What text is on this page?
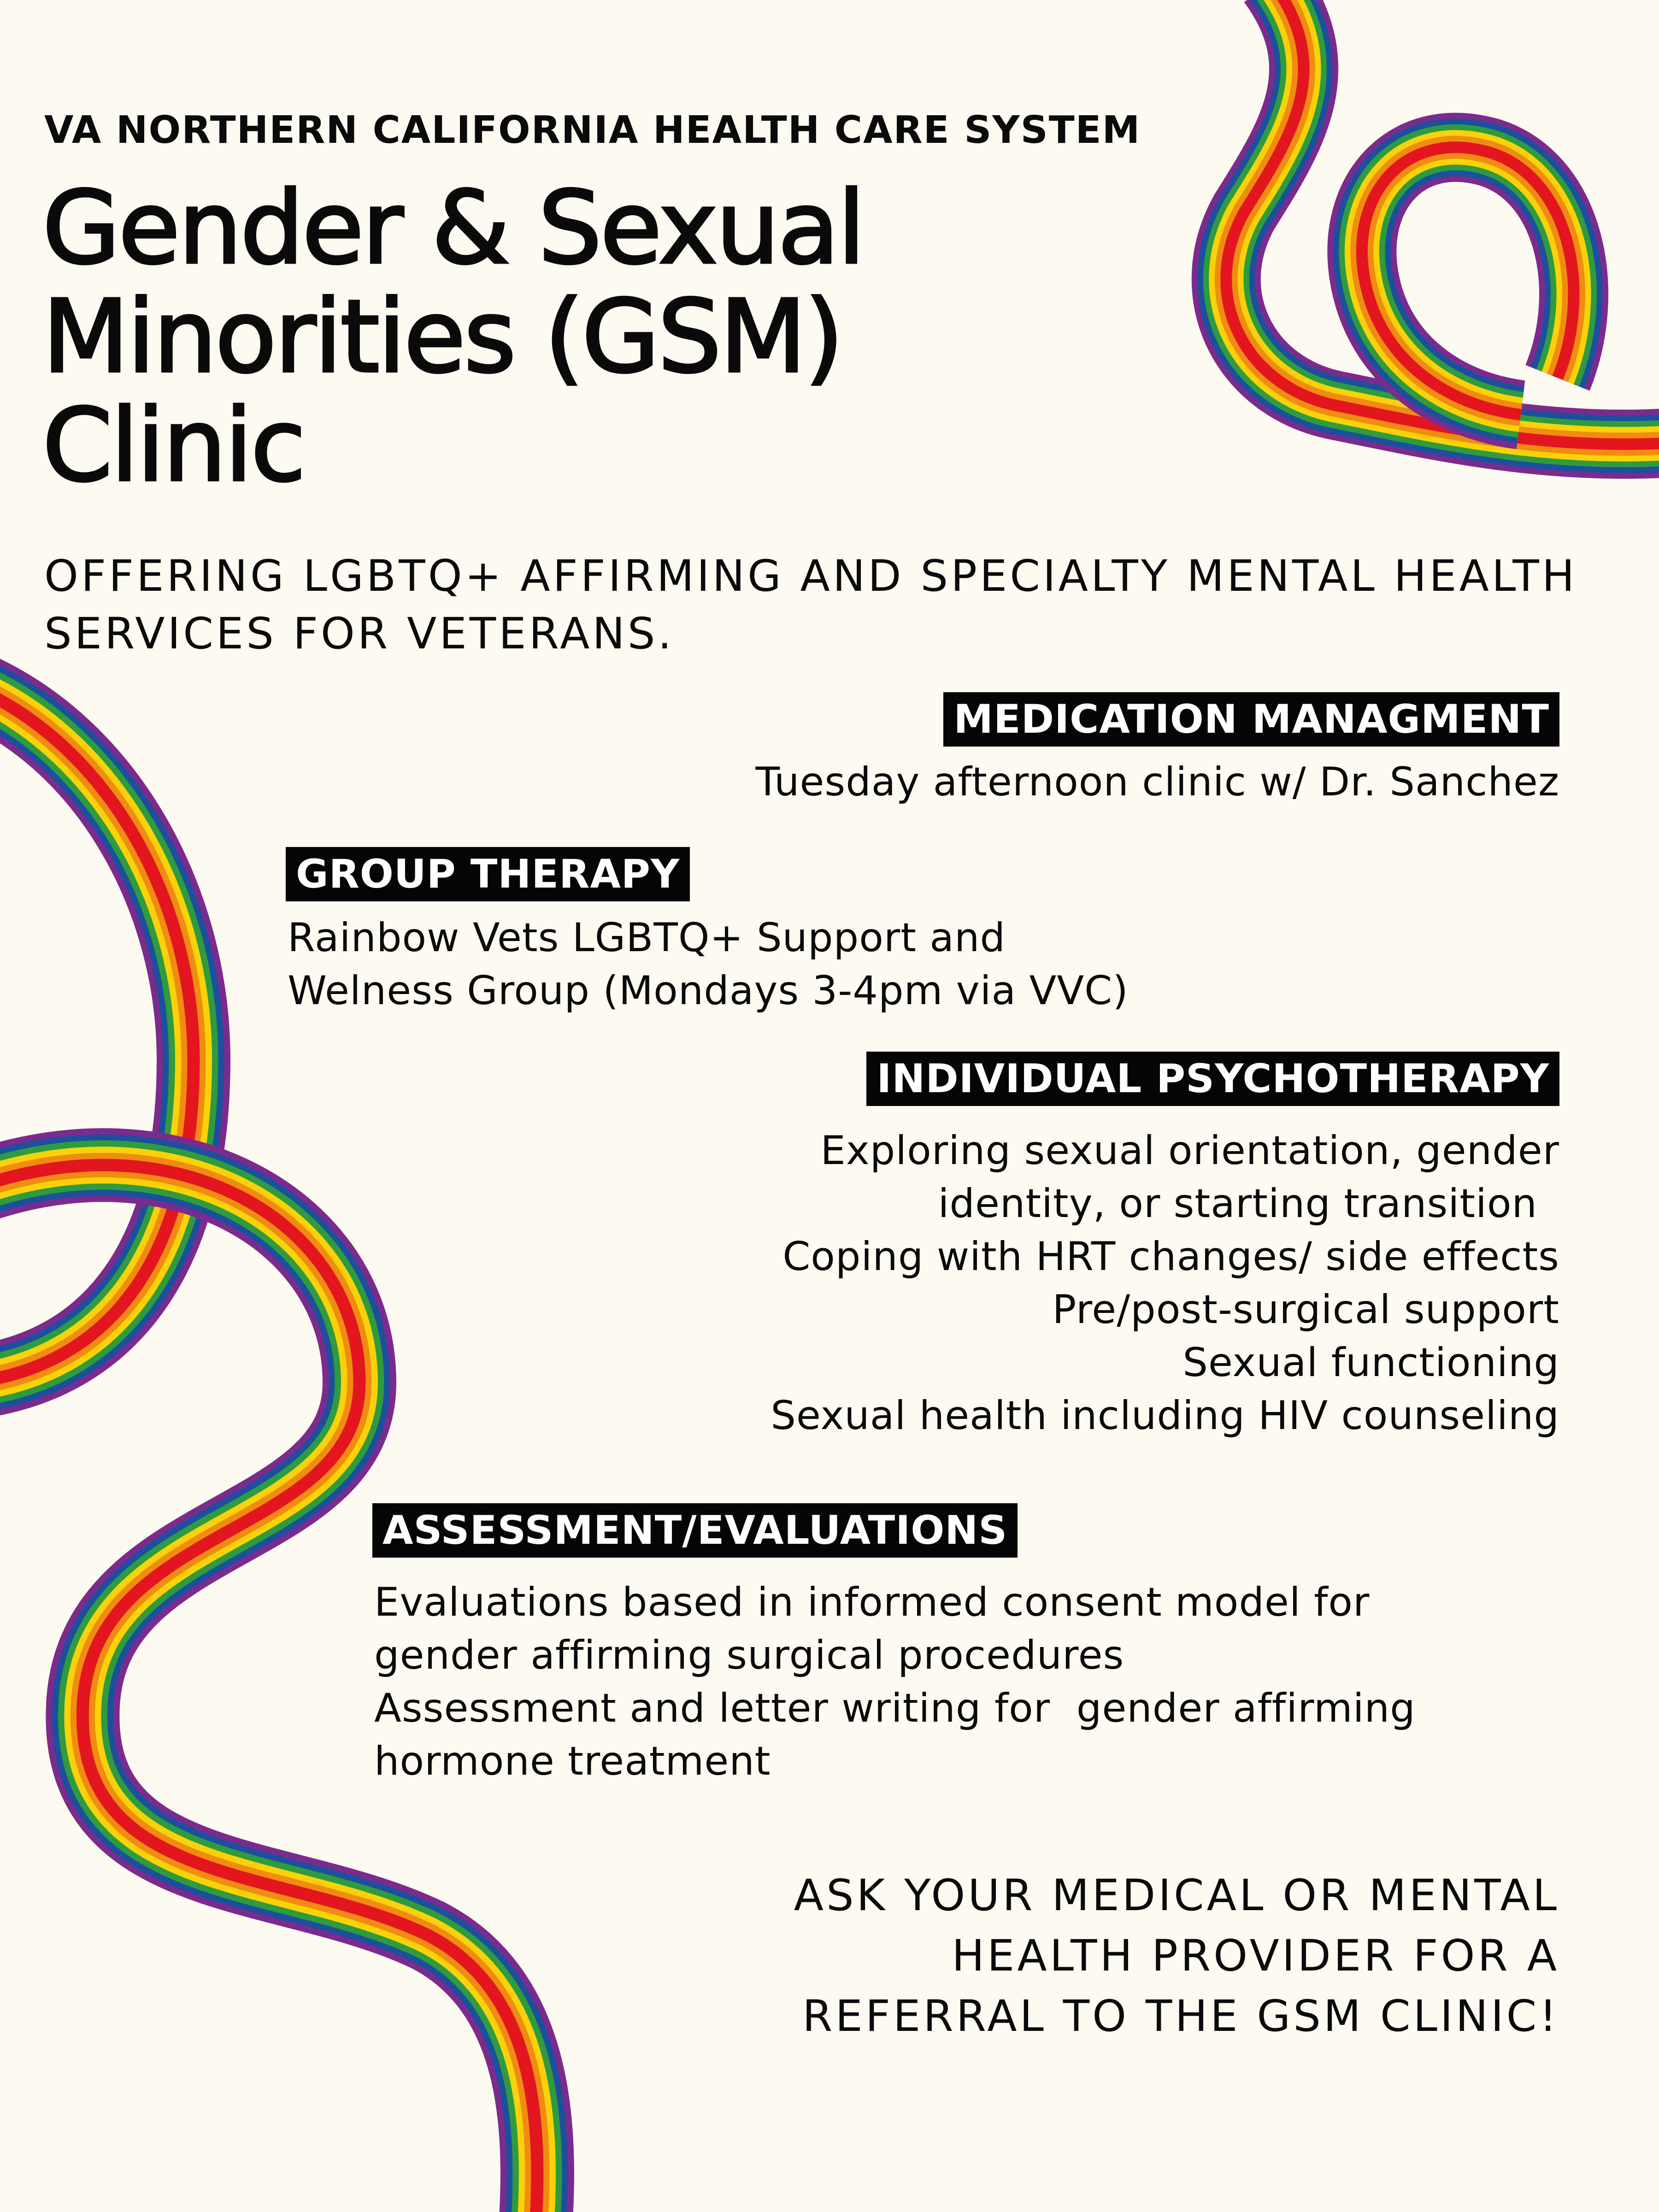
VA NORTHERN CALIFORNIA HEALTH CARE SYSTEM
Gender & Sexual
Minorities (GSM)
Clinic
OFFERING LGBTQ+ AFFIRMING AND SPECIALTY MENTAL HEALTH
SERVICES FOR VETERANS.
MEDICATION MANAGMENT
Tuesday afternoon clinic w/ Dr. Sanchez
GROUP THERAPY
Rainbow Vets LGBTQ+ Support and
Welness Group (Mondays 3-4pm via VVC)
INDIVIDUAL PSYCHOTHERAPY
Exploring sexual orientation, gender
identity, or starting transition
Coping with HRT changes/ side effects
Pre/post-surgical support
Sexual functioning
Sexual health including HIV counseling
ASSESSMENT/EVALUATIONS
Evaluations based in informed consent model for
gender affirming surgical procedures
Assessment and letter writing for  gender affirming
hormone treatment
ASK YOUR MEDICAL OR MENTAL
HEALTH PROVIDER FOR A
REFERRAL TO THE GSM CLINIC!
